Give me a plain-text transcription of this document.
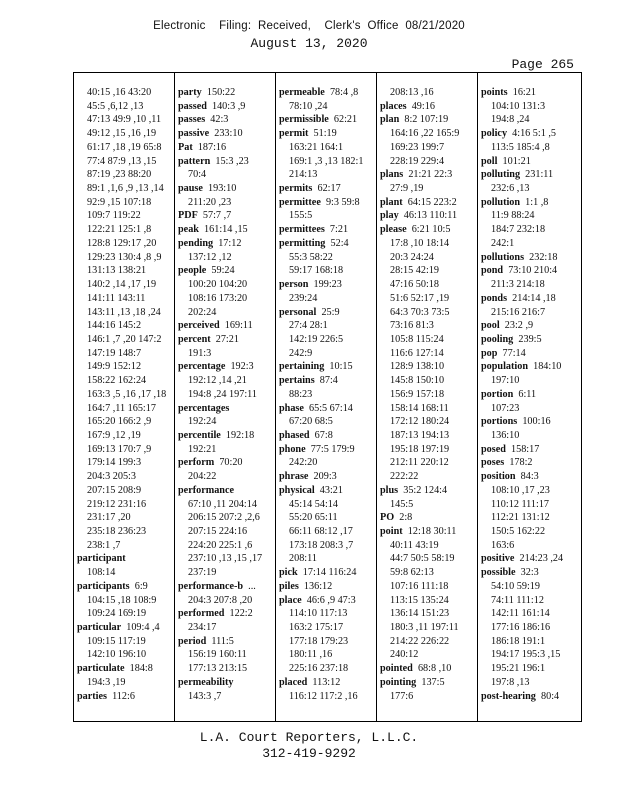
Electronic    Filing:  Received,    Clerk's  Office  08/21/2020
August 13, 2020
Page 265
40:15 ,16 43:20
45:5 ,6,12 ,13
47:13 49:9 ,10 ,11
49:12 ,15 ,16 ,19
61:17 ,18 ,19 65:8
77:4 87:9 ,13 ,15
87:19 ,23 88:20
89:1 ,1,6 ,9 ,13 ,14
92:9 ,15 107:18
109:7 119:22
122:21 125:1 ,8
128:8 129:17 ,20
129:23 130:4 ,8 ,9
131:13 138:21
140:2 ,14 ,17 ,19
141:11 143:11
143:11 ,13 ,18 ,24
144:16 145:2
146:1 ,7 ,20 147:2
147:19 148:7
149:9 152:12
158:22 162:24
163:3 ,5 ,16 ,17 ,18
164:7 ,11 165:17
165:20 166:2 ,9
167:9 ,12 ,19
169:13 170:7 ,9
179:14 199:3
204:3 205:3
207:15 208:9
219:12 231:16
231:17 ,20
235:18 236:23
238:1 ,7
participant
108:14
participants 6:9
104:15 ,18 108:9
109:24 169:19
particular 109:4 ,4
109:15 117:19
142:10 196:10
particulate 184:8
194:3 ,19
parties 112:6
party 150:22
passed 140:3 ,9
passes 42:3
passive 233:10
Pat 187:16
pattern 15:3 ,23
70:4
pause 193:10
211:20 ,23
PDF 57:7 ,7
peak 161:14 ,15
pending 17:12
137:12 ,12
people 59:24
100:20 104:20
108:16 173:20
202:24
perceived 169:11
percent 27:21
191:3
percentage 192:3
192:12 ,14 ,21
194:8 ,24 197:11
percentages
192:24
percentile 192:18
192:21
perform 70:20
204:22
performance
67:10 ,11 204:14
206:15 207:2 ,2,6
207:15 224:16
224:20 225:1 ,6
237:10 ,13 ,15 ,17
237:19
performance-b ...
204:3 207:8 ,20
performed 122:2
234:17
period 111:5
156:19 160:11
177:13 213:15
permeability
143:3 ,7
permeable 78:4 ,8
78:10 ,24
permissible 62:21
permit 51:19
163:21 164:1
169:1 ,3 ,13 182:1
214:13
permits 62:17
permittee 9:3 59:8
155:5
permittees 7:21
permitting 52:4
55:3 58:22
59:17 168:18
person 199:23
239:24
personal 25:9
27:4 28:1
142:19 226:5
242:9
pertaining 10:15
pertains 87:4
88:23
phase 65:5 67:14
67:20 68:5
phased 67:8
phone 77:5 179:9
242:20
phrase 209:3
physical 43:21
45:14 54:14
55:20 65:11
66:11 68:12 ,17
173:18 208:3 ,7
208:11
pick 17:14 116:24
piles 136:12
place 46:6 ,9 47:3
114:10 117:13
163:2 175:17
177:18 179:23
180:11 ,16
225:16 237:18
placed 113:12
116:12 117:2 ,16
208:13 ,16
places 49:16
plan 8:2 107:19
164:16 ,22 165:9
169:23 199:7
228:19 229:4
plans 21:21 22:3
27:9 ,19
plant 64:15 223:2
play 46:13 110:11
please 6:21 10:5
17:8 ,10 18:14
20:3 24:24
28:15 42:19
47:16 50:18
51:6 52:17 ,19
64:3 70:3 73:5
73:16 81:3
105:8 115:24
116:6 127:14
128:9 138:10
145:8 150:10
156:9 157:18
158:14 168:11
172:12 180:24
187:13 194:13
195:18 197:19
212:11 220:12
222:22
plus 35:2 124:4
145:5
PO 2:8
point 12:18 30:11
40:11 43:19
44:7 50:5 58:19
59:8 62:13
107:16 111:18
113:15 135:24
136:14 151:23
180:3 ,11 197:11
214:22 226:22
240:12
pointed 68:8 ,10
pointing 137:5
177:6
points 16:21
104:10 131:3
194:8 ,24
policy 4:16 5:1 ,5
113:5 185:4 ,8
poll 101:21
polluting 231:11
232:6 ,13
pollution 1:1 ,8
11:9 88:24
184:7 232:18
242:1
pollutions 232:18
pond 73:10 210:4
211:3 214:18
ponds 214:14 ,18
215:16 216:7
pool 23:2 ,9
pooling 239:5
pop 77:14
population 184:10
197:10
portion 6:11
107:23
portions 100:16
136:10
posed 158:17
poses 178:2
position 84:3
108:10 ,17 ,23
110:12 111:17
112:21 131:12
150:5 162:22
163:6
positive 214:23 ,24
possible 32:3
54:10 59:19
74:11 111:12
142:11 161:14
177:16 186:16
186:18 191:1
194:17 195:3 ,15
195:21 196:1
197:8 ,13
post-hearing 80:4
L.A. Court Reporters, L.L.C.
312-419-9292
